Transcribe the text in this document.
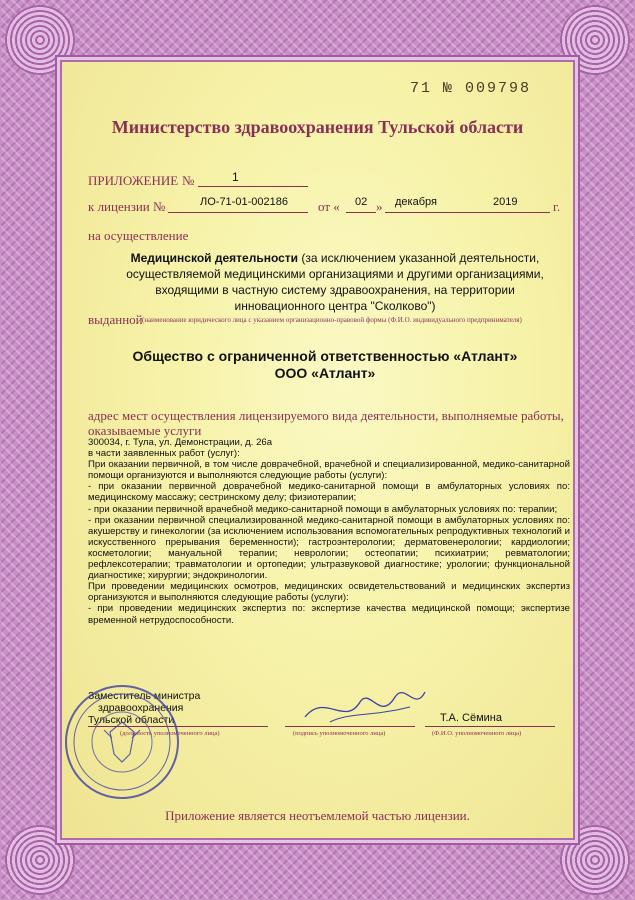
71 № 009798
Министерство здравоохранения Тульской области
ПРИЛОЖЕНИЕ №	1
к лицензии №	ЛО-71-01-002186 от « 02 » декабря	2019	г.
на осуществление
Медицинской деятельности (за исключением указанной деятельности, осуществляемой медицинскими организациями и другими организациями, входящими в частную систему здравоохранения, на территории инновационного центра "Сколково")
выданной (наименование юридического лица с указанием организационно-правовой формы (Ф.И.О. индивидуального предпринимателя)
Общество с ограниченной ответственностью «Атлант»
ООО «Атлант»
адрес мест осуществления лицензируемого вида деятельности, выполняемые работы, оказываемые услуги

300034, г. Тула, ул. Демонстрации, д. 26а

в части заявленных работ (услуг):

При оказании первичной, в том числе доврачебной, врачебной и специализированной, медико-санитарной помощи организуются и выполняются следующие работы (услуги):

- при оказании первичной доврачебной медико-санитарной помощи в амбулаторных условиях по: медицинскому массажу; сестринскому делу; физиотерапии;

- при оказании первичной врачебной медико-санитарной помощи в амбулаторных условиях по: терапии;

- при оказании первичной специализированной медико-санитарной помощи в амбулаторных условиях по: акушерству и гинекологии (за исключением использования вспомогательных репродуктивных технологий и искусственного прерывания беременности); гастроэнтерологии; дерматовенерологии; кардиологии; косметологии; мануальной терапии; неврологии; остеопатии; психиатрии; ревматологии; рефлексотерапии; травматологии и ортопедии; ультразвуковой диагностике; урологии; функциональной диагностике; хирургии; эндокринологии.

При проведении медицинских осмотров, медицинских освидетельствований и медицинских экспертиз организуются и выполняются следующие работы (услуги):

- при проведении медицинских экспертиз по: экспертизе качества медицинской помощи; экспертизе временной нетрудоспособности.

Заместитель министра
здравоохранения
Тульской области	Т.А. Сёмина
(должность уполномоченного лица)	(подпись уполномоченного лица)	(Ф.И.О. уполномоченного лица)
Приложение является неотъемлемой частью лицензии.
